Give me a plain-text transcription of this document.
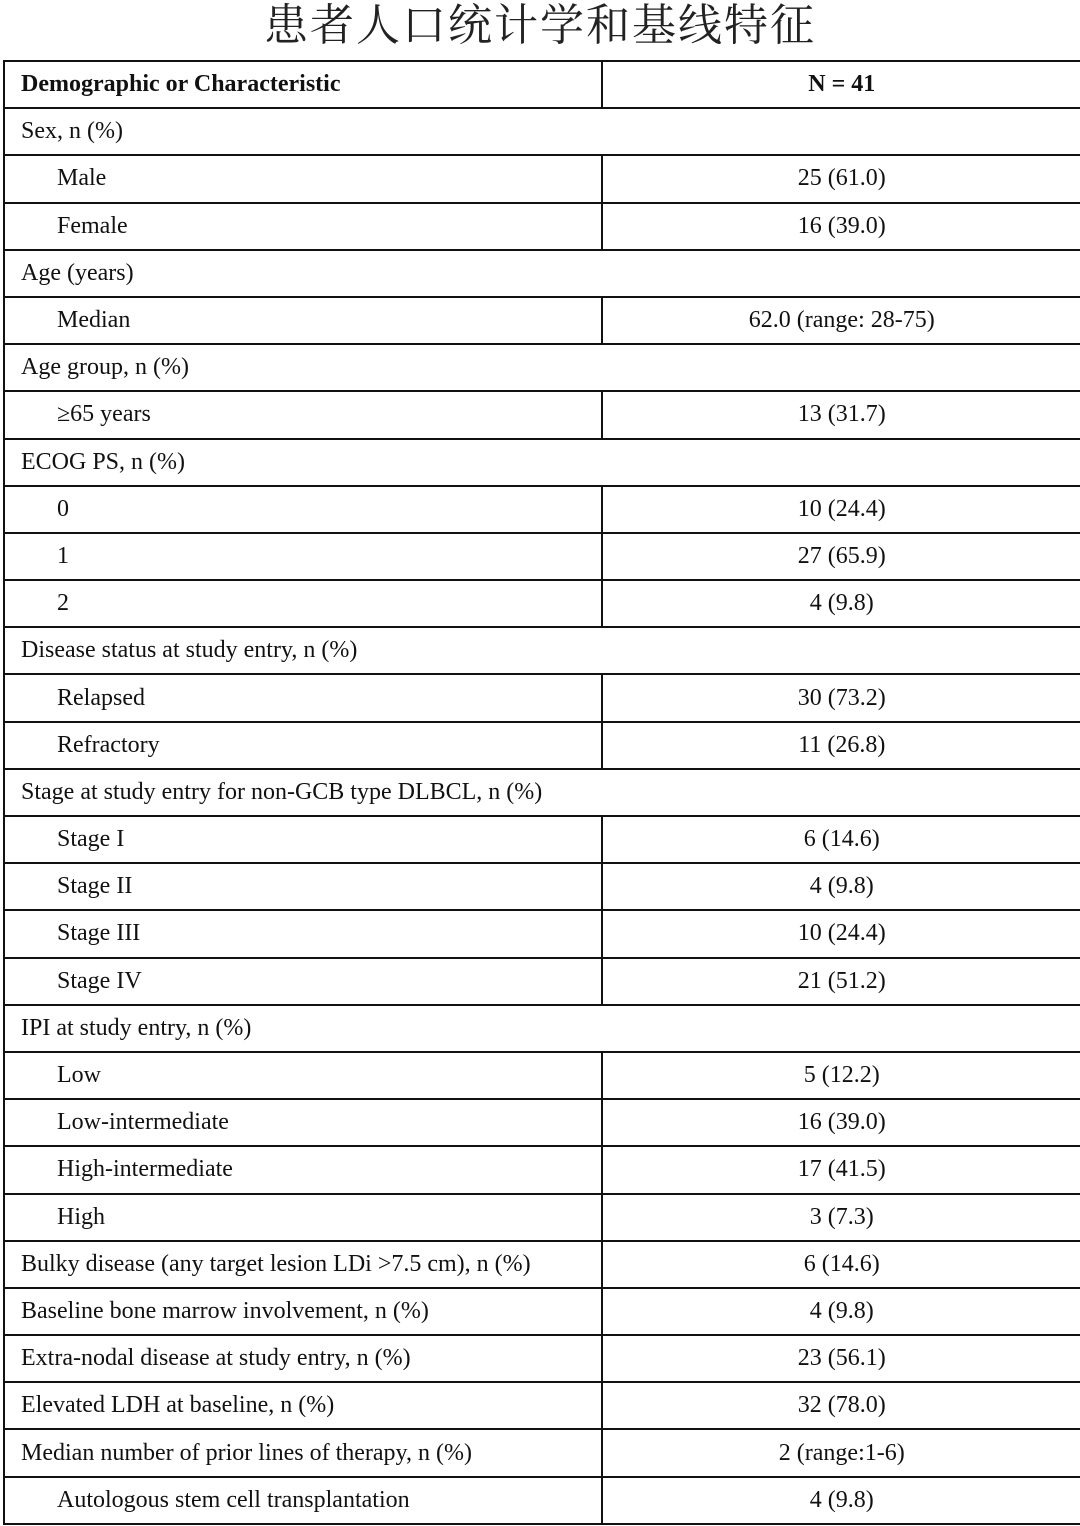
患者人口统计学和基线特征
Demographic or Characteristic	N = 41
Sex, n (%)	
Male	25 (61.0)
Female	16 (39.0)
Age (years)	
Median	62.0 (range: 28-75)
Age group, n (%)	
≥65 years	13 (31.7)
ECOG PS, n (%)	
0	10 (24.4)
1	27 (65.9)
2	4 (9.8)
Disease status at study entry, n (%)	
Relapsed	30 (73.2)
Refractory	11 (26.8)
Stage at study entry for non-GCB type DLBCL, n (%)	
Stage I	6 (14.6)
Stage II	4 (9.8)
Stage III	10 (24.4)
Stage IV	21 (51.2)
IPI at study entry, n (%)	
Low	5 (12.2)
Low-intermediate	16 (39.0)
High-intermediate	17 (41.5)
High	3 (7.3)
Bulky disease (any target lesion LDi >7.5 cm), n (%)	6 (14.6)
Baseline bone marrow involvement, n (%)	4 (9.8)
Extra-nodal disease at study entry, n (%)	23 (56.1)
Elevated LDH at baseline, n (%)	32 (78.0)
Median number of prior lines of therapy, n (%)	2 (range:1-6)
Autologous stem cell transplantation	4 (9.8)
